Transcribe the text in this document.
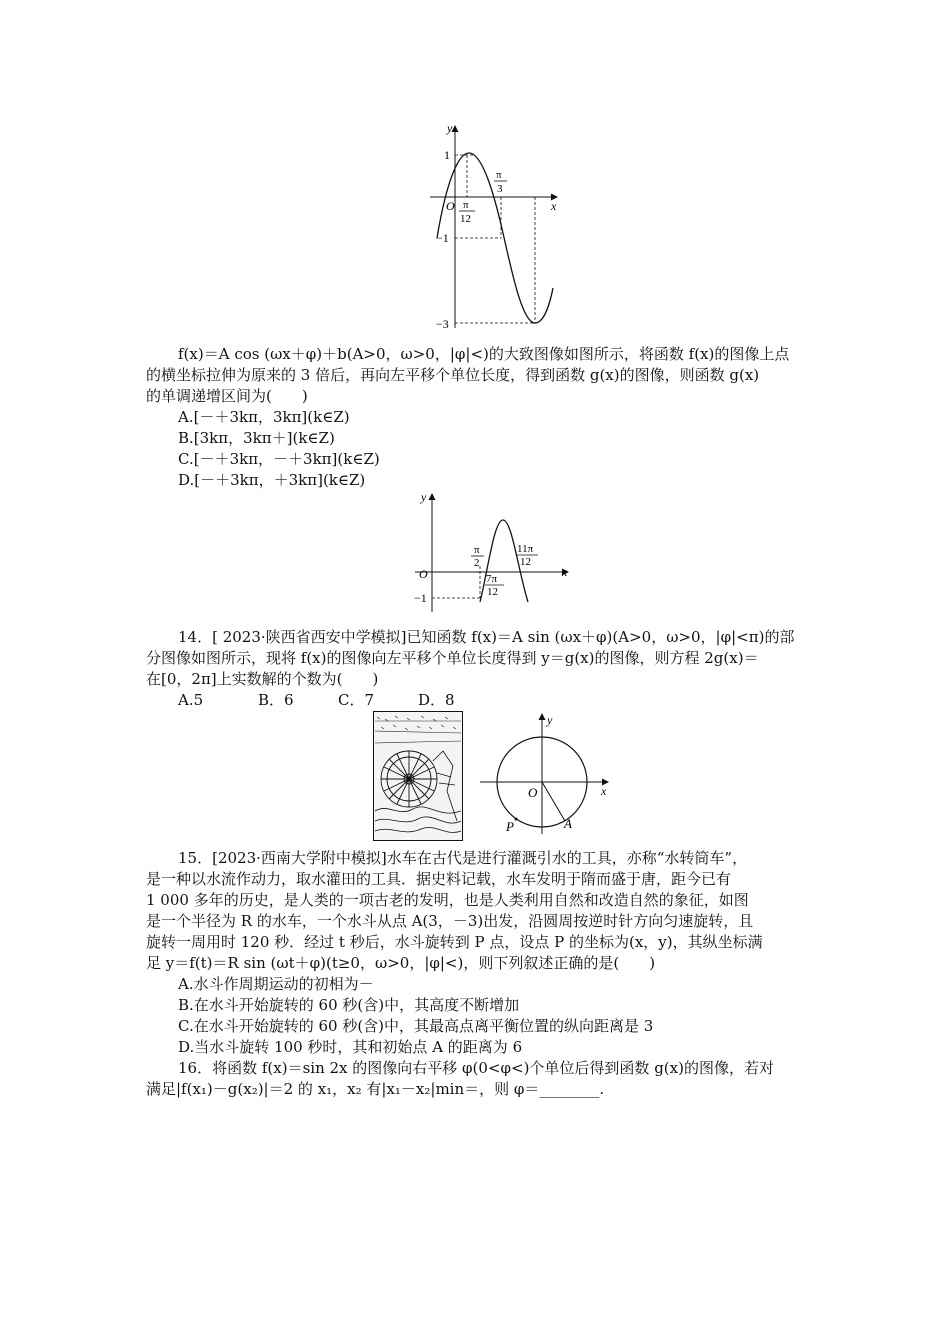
x
y
O
1
−1
−3
π
12
π
3
f(x)＝A cos (ωx＋φ)＋b(A>0，ω>0，|φ|<)的大致图像如图所示，将函数 f(x)的图像上点
的横坐标拉伸为原来的 3 倍后，再向左平移个单位长度，得到函数 g(x)的图像，则函数 g(x)
的单调递增区间为(　　)
A.[－＋3kπ，3kπ](k∈Z)
B.[3kπ，3kπ＋](k∈Z)
C.[－＋3kπ，－＋3kπ](k∈Z)
D.[－＋3kπ，＋3kπ](k∈Z)
x
y
O
−1
π
2
11π
12
7π
12
14．[ 2023·陕西省西安中学模拟]已知函数 f(x)＝A sin (ωx＋φ)(A>0，ω>0，|φ|<π)的部
分图像如图所示，现将 f(x)的图像向左平移个单位长度得到 y＝g(x)的图像，则方程 2g(x)＝
在[0，2π]上实数解的个数为(　　)
A.5	B．6	C．7	D．8
x
y
O
A
P
15．[2023·西南大学附中模拟]水车在古代是进行灌溉引水的工具，亦称“水转筒车”，
是一种以水流作动力，取水灌田的工具．据史料记载，水车发明于隋而盛于唐，距今已有
1 000 多年的历史，是人类的一项古老的发明，也是人类利用自然和改造自然的象征，如图
是一个半径为 R 的水车，一个水斗从点 A(3，－3)出发，沿圆周按逆时针方向匀速旋转，且
旋转一周用时 120 秒．经过 t 秒后，水斗旋转到 P 点，设点 P 的坐标为(x，y)，其纵坐标满
足 y＝f(t)＝R sin (ωt＋φ)(t≥0，ω>0，|φ|<)，则下列叙述正确的是(　　)
A.水斗作周期运动的初相为－
B.在水斗开始旋转的 60 秒(含)中，其高度不断增加
C.在水斗开始旋转的 60 秒(含)中，其最高点离平衡位置的纵向距离是 3
D.当水斗旋转 100 秒时，其和初始点 A 的距离为 6
16．将函数 f(x)＝sin 2x 的图像向右平移 φ(0<φ<)个单位后得到函数 g(x)的图像，若对
满足|f(x₁)－g(x₂)|＝2 的 x₁，x₂ 有|x₁－x₂|min＝，则 φ＝________.
